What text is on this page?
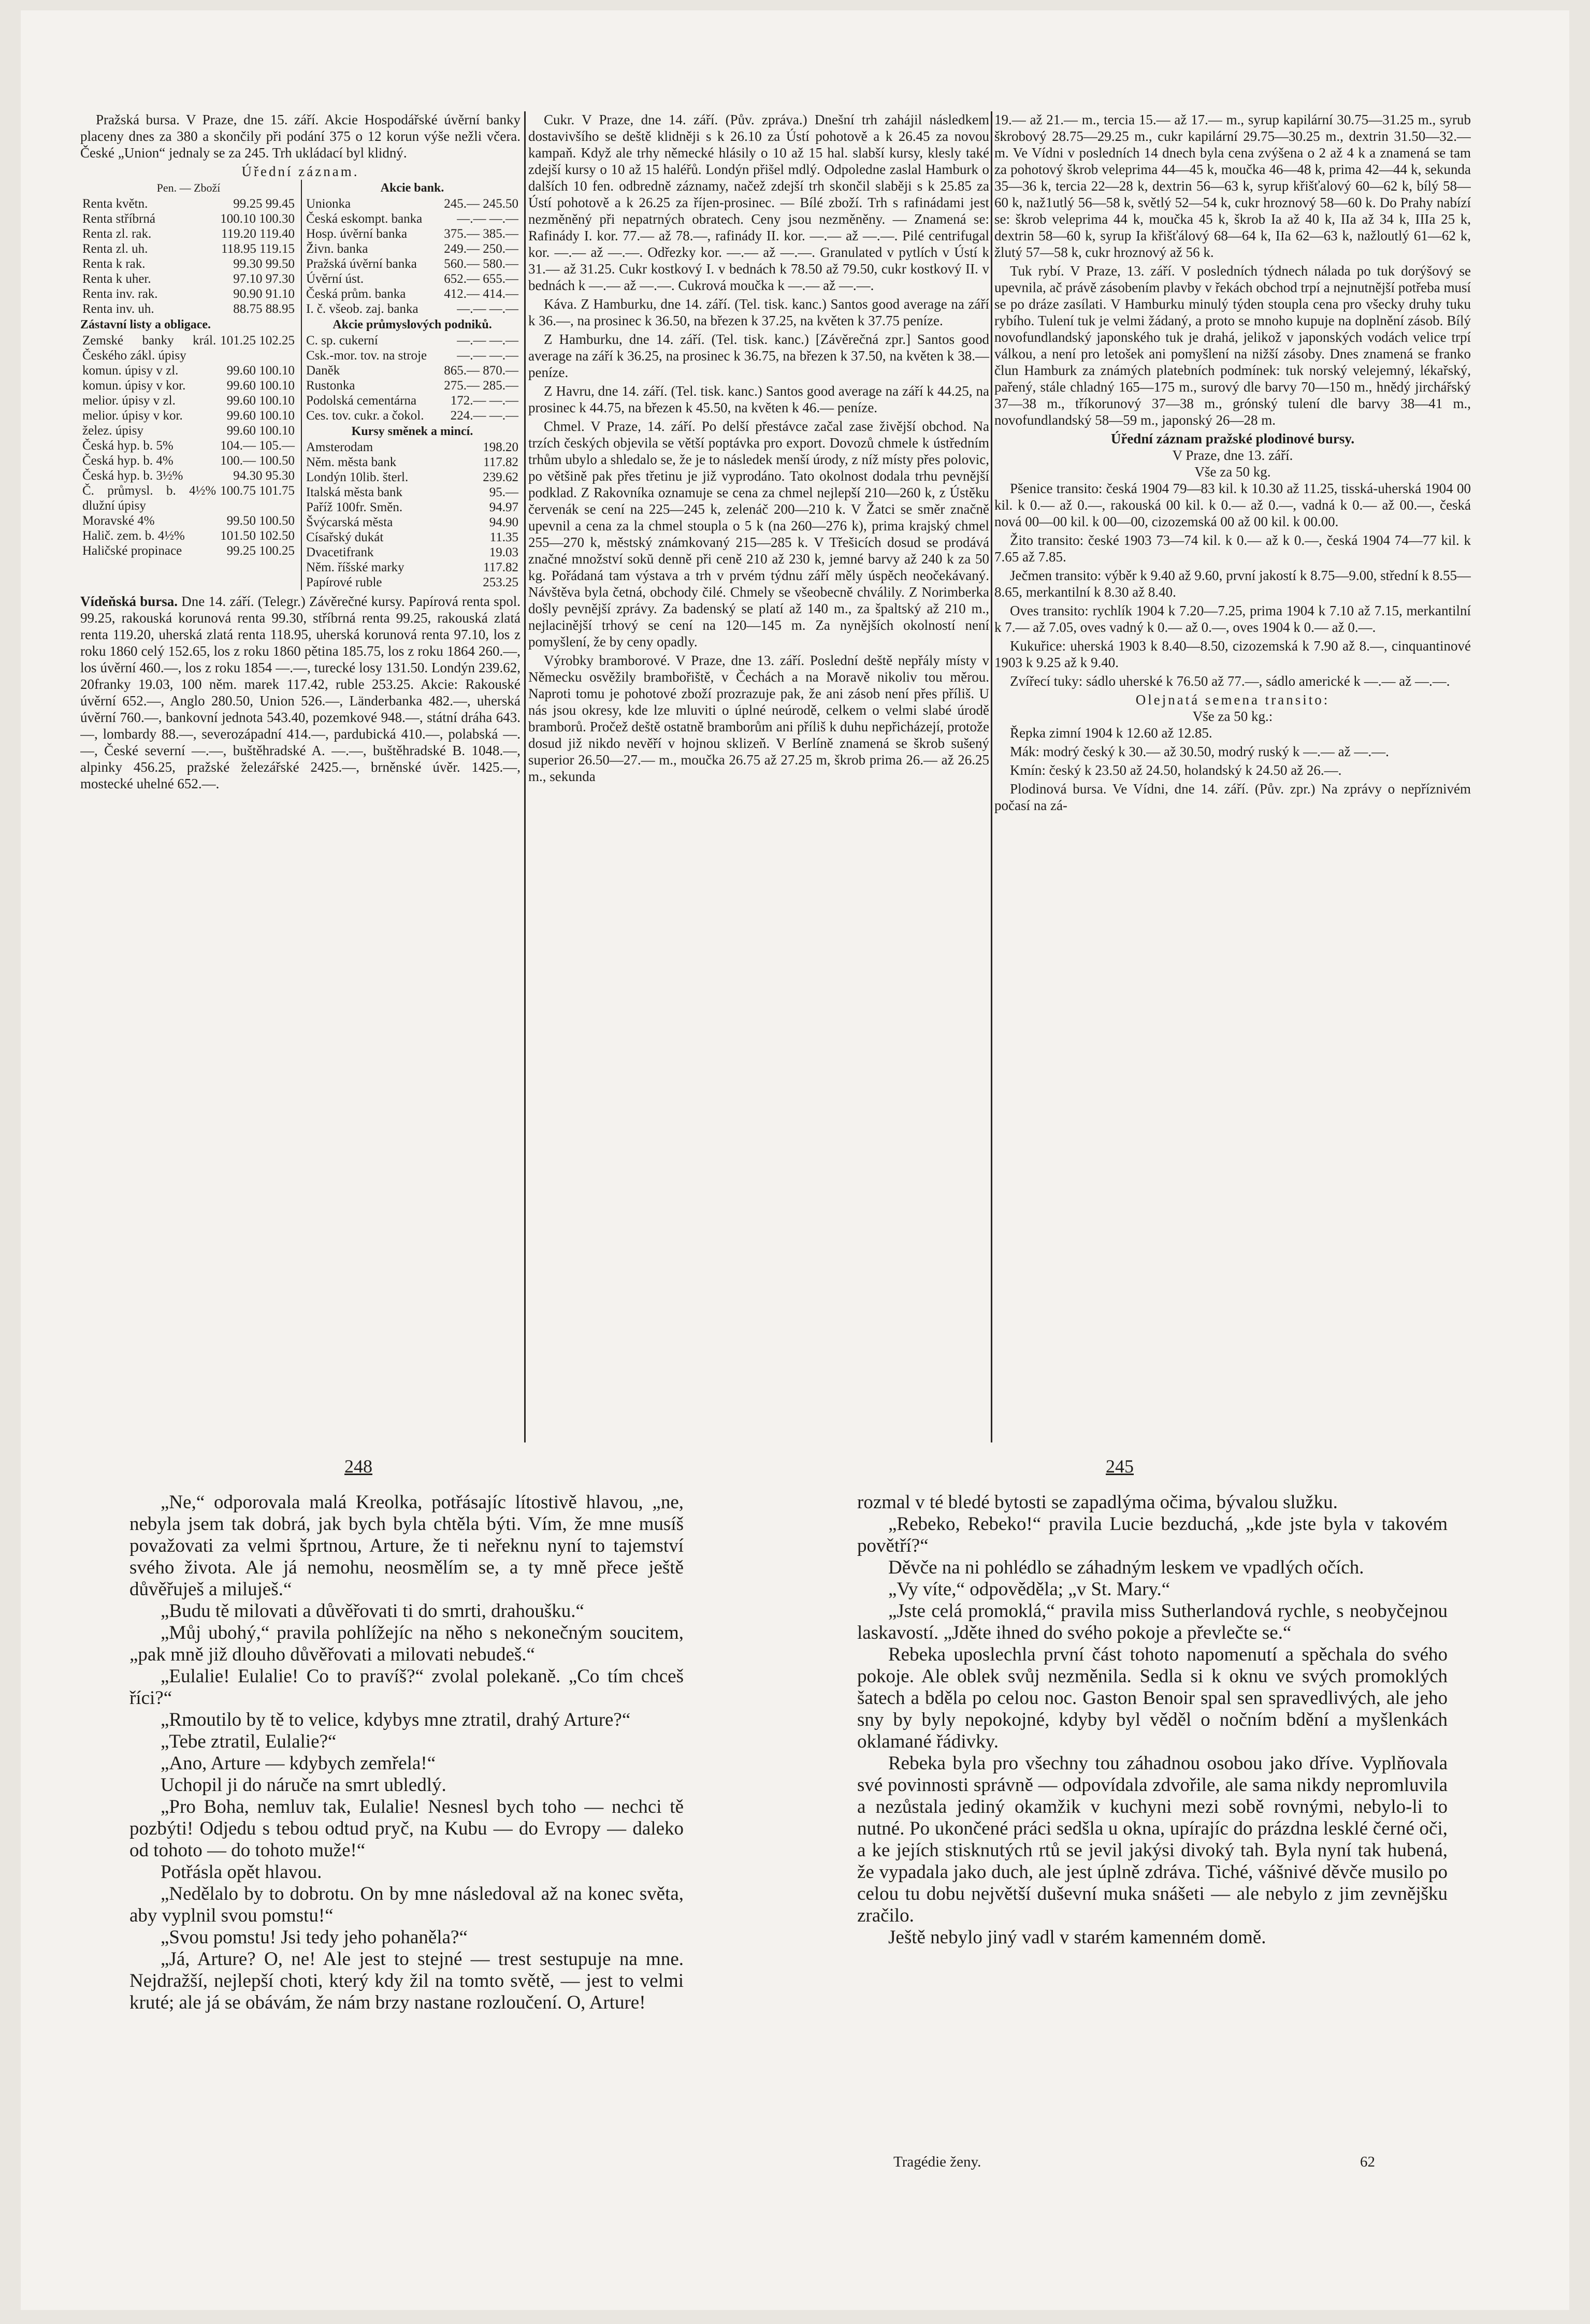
Pražská bursa. V Praze, dne 15. září. Akcie Hospodářské úvěrní banky placeny dnes za 380 a skončily při podání 375 o 12 korun výše nežli včera. České „Union“ jednaly se za 245. Trh ukládací byl klidný.

Úřední záznam.
Pen. — Zboží
Renta květn.	99.25 99.45
Renta stříbrná	100.10 100.30
Renta zl. rak.	119.20 119.40
Renta zl. uh.	118.95 119.15
Renta k rak.	99.30 99.50
Renta k uher.	97.10 97.30
Renta inv. rak.	90.90 91.10
Renta inv. uh.	88.75 88.95
Zástavní listy a obligace.
Zemské banky král. Českého zákl. úpisy	101.25 102.25
komun. úpisy v zl.	99.60 100.10
komun. úpisy v kor.	99.60 100.10
melior. úpisy v zl.	99.60 100.10
melior. úpisy v kor.	99.60 100.10
želez. úpisy	99.60 100.10
Česká hyp. b. 5%	104.— 105.—
Česká hyp. b. 4%	100.— 100.50
Česká hyp. b. 3½%	94.30 95.30
Č. průmysl. b. 4½% dlužní úpisy	100.75 101.75
Moravské 4%	99.50 100.50
Halič. zem. b. 4½%	101.50 102.50
Haličské propinace	99.25 100.25
Akcie bank.
Unionka	245.— 245.50
Česká eskompt. banka	—.— —.—
Hosp. úvěrní banka	375.— 385.—
Živn. banka	249.— 250.—
Pražská úvěrní banka	560.— 580.—
Úvěrní úst.	652.— 655.—
Česká prům. banka	412.— 414.—
I. č. všeob. zaj. banka	—.— —.—
Akcie průmyslových podniků.
C. sp. cukerní	—.— —.—
Csk.-mor. tov. na stroje	—.— —.—
Daněk	865.— 870.—
Rustonka	275.— 285.—
Podolská cementárna	172.— —.—
Ces. tov. cukr. a čokol.	224.— —.—
Kursy směnek a mincí.
Amsterodam	198.20
Něm. města bank	117.82
Londýn 10lib. šterl.	239.62
Italská města bank	95.—
Paříž 100fr. Směn.	94.97
Švýcarská města	94.90
Císařský dukát	11.35
Dvacetifrank	19.03
Něm. říšské marky	117.82
Papírové ruble	253.25
Vídeňská bursa. Dne 14. září. (Telegr.) Závěrečné kursy. Papírová renta spol. 99.25, rakouská korunová renta 99.30, stříbrná renta 99.25, rakouská zlatá renta 119.20, uherská zlatá renta 118.95, uherská korunová renta 97.10, los z roku 1860 celý 152.65, los z roku 1860 pětina 185.75, los z roku 1864 260.—, los úvěrní 460.—, los z roku 1854 —.—, turecké losy 131.50. Londýn 239.62, 20franky 19.03, 100 něm. marek 117.42, ruble 253.25. Akcie: Rakouské úvěrní 652.—, Anglo 280.50, Union 526.—, Länderbanka 482.—, uherská úvěrní 760.—, bankovní jednota 543.40, pozemkové 948.—, státní dráha 643.—, lombardy 88.—, severozápadní 414.—, pardubická 410.—, polabská —.—, České severní —.—, buštěhradské A. —.—, buštěhradské B. 1048.—, alpinky 456.25, pražské železářské 2425.—, brněnské úvěr. 1425.—, mostecké uhelné 652.—.

Cukr. V Praze, dne 14. září. (Pův. zpráva.) Dnešní trh zahájil následkem dostavivšího se deště klidněji s k 26.10 za Ústí pohotově a k 26.45 za novou kampaň. Když ale trhy německé hlásily o 10 až 15 hal. slabší kursy, klesly také zdejší kursy o 10 až 15 haléřů. Londýn přišel mdlý. Odpoledne zaslal Hamburk o dalších 10 fen. odbredně záznamy, načež zdejší trh skončil slaběji s k 25.85 za Ústí pohotově a k 26.25 za říjen-prosinec. — Bílé zboží. Trh s rafinádami jest nezměněný při nepatrných obratech. Ceny jsou nezměněny. — Znamená se: Rafinády I. kor. 77.— až 78.—, rafinády II. kor. —.— až —.—. Pilé centrifugal kor. —.— až —.—. Odřezky kor. —.— až —.—. Granulated v pytlích v Ústí k 31.— až 31.25. Cukr kostkový I. v bednách k 78.50 až 79.50, cukr kostkový II. v bednách k —.— až —.—. Cukrová moučka k —.— až —.—.

Káva. Z Hamburku, dne 14. září. (Tel. tisk. kanc.) Santos good average na září k 36.—, na prosinec k 36.50, na březen k 37.25, na květen k 37.75 peníze.

Z Hamburku, dne 14. září. (Tel. tisk. kanc.) [Závěrečná zpr.] Santos good average na září k 36.25, na prosinec k 36.75, na březen k 37.50, na květen k 38.— peníze.

Z Havru, dne 14. září. (Tel. tisk. kanc.) Santos good average na září k 44.25, na prosinec k 44.75, na březen k 45.50, na květen k 46.— peníze.

Chmel. V Praze, 14. září. Po delší přestávce začal zase živější obchod. Na trzích českých objevila se větší poptávka pro export. Dovozů chmele k ústředním trhům ubylo a shledalo se, že je to následek menší úrody, z níž místy přes polovic, po většině pak přes třetinu je již vyprodáno. Tato okolnost dodala trhu pevnější podklad. Z Rakovníka oznamuje se cena za chmel nejlepší 210—260 k, z Ústěku červenák se cení na 225—245 k, zelenáč 200—210 k. V Žatci se směr značně upevnil a cena za la chmel stoupla o 5 k (na 260—276 k), prima krajský chmel 255—270 k, městský známkovaný 215—285 k. V Třešicích dosud se prodává značné množství sokŭ denně při ceně 210 až 230 k, jemné barvy až 240 k za 50 kg. Pořádaná tam výstava a trh v prvém týdnu září měly úspěch neočekávaný. Návštěva byla četná, obchody čilé. Chmely se všeobecně chválily. Z Norimberka došly pevnější zprávy. Za badenský se platí až 140 m., za špaltský až 210 m., nejlacinější trhový se cení na 120—145 m. Za nynějších okolností není pomyšlení, že by ceny opadly.

Výrobky bramborové. V Praze, dne 13. září. Poslední deště nepřály místy v Německu osvěžily brambořiště, v Čechách a na Moravě nikoliv tou měrou. Naproti tomu je pohotové zboží prozrazuje pak, že ani zásob není přes příliš. U nás jsou okresy, kde lze mluviti o úplné neúrodě, celkem o velmi slabé úrodě bramborů. Pročež deště ostatně bramborům ani příliš k duhu nepřicházejí, protože dosud již nikdo nevěří v hojnou sklizeň. V Berlíně znamená se škrob sušený superior 26.50—27.— m., moučka 26.75 až 27.25 m, škrob prima 26.— až 26.25 m., sekunda

19.— až 21.— m., tercia 15.— až 17.— m., syrup kapilární 30.75—31.25 m., syrub škrobový 28.75—29.25 m., cukr kapilární 29.75—30.25 m., dextrin 31.50—32.— m. Ve Vídni v posledních 14 dnech byla cena zvýšena o 2 až 4 k a znamená se tam za pohotový škrob veleprima 44—45 k, moučka 46—48 k, prima 42—44 k, sekunda 35—36 k, tercia 22—28 k, dextrin 56—63 k, syrup křišťalový 60—62 k, bílý 58—60 k, naž1utlý 56—58 k, světlý 52—54 k, cukr hroznový 58—60 k. Do Prahy nabízí se: škrob veleprima 44 k, moučka 45 k, škrob Ia až 40 k, IIa až 34 k, IIIa 25 k, dextrin 58—60 k, syrup Ia křišťálový 68—64 k, IIa 62—63 k, nažloutlý 61—62 k, žlutý 57—58 k, cukr hroznový až 56 k.

Tuk rybí. V Praze, 13. září. V posledních týdnech nálada po tuk dorýšový se upevnila, ač právě zásobením plavby v řekách obchod trpí a nejnutnější potřeba musí se po dráze zasílati. V Hamburku minulý týden stoupla cena pro všecky druhy tuku rybího. Tulení tuk je velmi žádaný, a proto se mnoho kupuje na doplnění zásob. Bílý novofundlandský japonského tuk je drahá, jelikož v japonských vodách velice trpí válkou, a není pro letošek ani pomyšlení na nižší zásoby. Dnes znamená se franko člun Hamburk za známých platebních podmínek: tuk norský velejemný, lékařský, pařený, stále chladný 165—175 m., surový dle barvy 70—150 m., hnědý jirchářský 37—38 m., tříkorunový 37—38 m., grónský tulení dle barvy 38—41 m., novofundlandský 58—59 m., japonský 26—28 m.

Úřední záznam pražské plodinové bursy.
V Praze, dne 13. září.
Vše za 50 kg.

Pšenice transito: česká 1904 79—83 kil. k 10.30 až 11.25, tisská-uherská 1904 00 kil. k 0.— až 0.—, rakouská 00 kil. k 0.— až 0.—, vadná k 0.— až 00.—, česká nová 00—00 kil. k 00—00, cizozemská 00 až 00 kil. k 00.00.

Žito transito: české 1903 73—74 kil. k 0.— až k 0.—, česká 1904 74—77 kil. k 7.65 až 7.85.

Ječmen transito: výběr k 9.40 až 9.60, první jakostí k 8.75—9.00, střední k 8.55—8.65, merkantilní k 8.30 až 8.40.

Oves transito: rychlík 1904 k 7.20—7.25, prima 1904 k 7.10 až 7.15, merkantilní k 7.— až 7.05, oves vadný k 0.— až 0.—, oves 1904 k 0.— až 0.—.

Kukuřice: uherská 1903 k 8.40—8.50, cizozemská k 7.90 až 8.—, cinquantinové 1903 k 9.25 až k 9.40.

Zvířecí tuky: sádlo uherské k 76.50 až 77.—, sádlo americké k —.— až —.—.

Olejnatá semena transito:
Vše za 50 kg.:

Řepka zimní 1904 k 12.60 až 12.85.

Mák: modrý český k 30.— až 30.50, modrý ruský k —.— až —.—.

Kmín: český k 23.50 až 24.50, holandský k 24.50 až 26.—.

Plodinová bursa. Ve Vídni, dne 14. září. (Pův. zpr.) Na zprávy o nepříznivém počasí na zá-

248	245

„Ne,“ odporovala malá Kreolka, potřásajíc lítostivě hlavou, „ne, nebyla jsem tak dobrá, jak bych byla chtěla býti. Vím, že mne musíš považovati za velmi šprtnou, Arture, že ti neřeknu nyní to tajemství svého života. Ale já nemohu, neosmělím se, a ty mně přece ještě důvěřuješ a miluješ.“

„Budu tě milovati a důvěřovati ti do smrti, drahoušku.“

„Můj ubohý,“ pravila pohlížejíc na něho s nekonečným soucitem, „pak mně již dlouho důvěřovati a milovati nebudeš.“

„Eulalie! Eulalie! Co to pravíš?“ zvolal polekaně. „Co tím chceš říci?“

„Rmoutilo by tě to velice, kdybys mne ztratil, drahý Arture?“

„Tebe ztratil, Eulalie?“

„Ano, Arture — kdybych zemřela!“

Uchopil ji do náruče na smrt ubledlý.

„Pro Boha, nemluv tak, Eulalie! Nesnesl bych toho — nechci tě pozbýti! Odjedu s tebou odtud pryč, na Kubu — do Evropy — daleko od tohoto — do tohoto muže!“

Potřásla opět hlavou.

„Nedělalo by to dobrotu. On by mne následoval až na konec světa, aby vyplnil svou pomstu!“

„Svou pomstu! Jsi tedy jeho pohaněla?“

„Já, Arture? O, ne! Ale jest to stejné — trest sestupuje na mne. Nejdražší, nejlepší choti, který kdy žil na tomto světě, — jest to velmi kruté; ale já se obávám, že nám brzy nastane rozloučení. O, Arture!

rozmal v té bledé bytosti se zapadlýma očima, bývalou služku.

„Rebeko, Rebeko!“ pravila Lucie bezduchá, „kde jste byla v takovém povětří?“

Děvče na ni pohlédlo se záhadným leskem ve vpadlých očích.

„Vy víte,“ odpověděla; „v St. Mary.“

„Jste celá promoklá,“ pravila miss Sutherlandová rychle, s neobyčejnou laskavostí. „Jděte ihned do svého pokoje a převlečte se.“

Rebeka uposlechla první část tohoto napomenutí a spěchala do svého pokoje. Ale oblek svůj nezměnila. Sedla si k oknu ve svých promoklých šatech a bděla po celou noc. Gaston Benoir spal sen spravedlivých, ale jeho sny by byly nepokojné, kdyby byl věděl o nočním bdění a myšlenkách oklamané řádivky.

Rebeka byla pro všechny tou záhadnou osobou jako dříve. Vyplňovala své povinnosti správně — odpovídala zdvořile, ale sama nikdy nepromluvila a nezůstala jediný okamžik v kuchyni mezi sobě rovnými, nebylo-li to nutné. Po ukončené práci sedšla u okna, upírajíc do prázdna lesklé černé oči, a ke jejích stisknutých rtů se jevil jakýsi divoký tah. Byla nyní tak hubená, že vypadala jako duch, ale jest úplně zdráva. Tiché, vášnivé děvče musilo po celou tu dobu největší duševní muka snášeti — ale nebylo z jim zevnějšku zračilo.

Ještě nebylo jiný vadl v starém kamenném domě.

Tragédie ženy.	62
